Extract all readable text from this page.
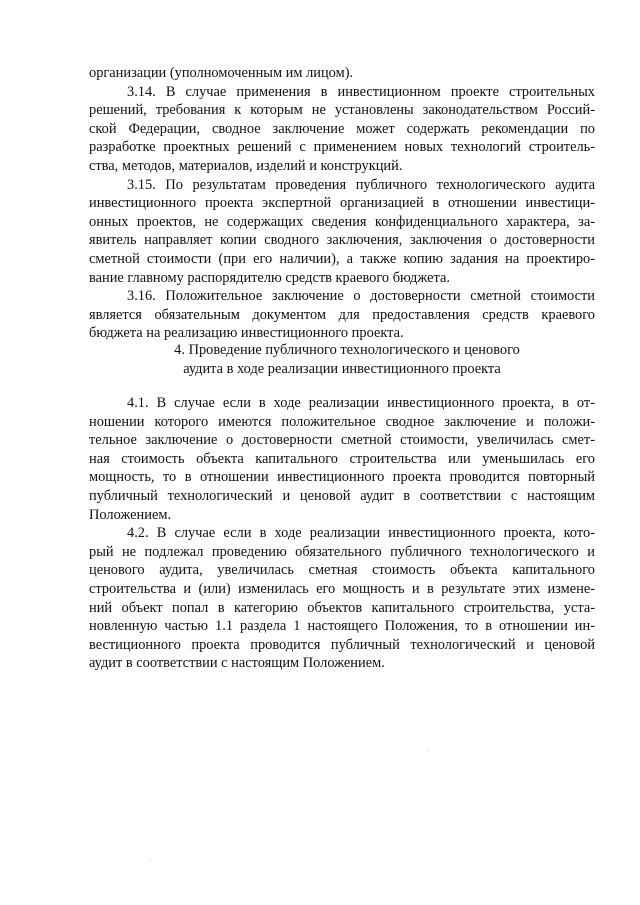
организации (уполномоченным им лицом).
3.14. В случае применения в инвестиционном проекте строительных
решений, требования к которым не установлены законодательством Россий-
ской Федерации, сводное заключение может содержать рекомендации по
разработке проектных решений с применением новых технологий строитель-
ства, методов, материалов, изделий и конструкций.
3.15. По результатам проведения публичного технологического аудита
инвестиционного проекта экспертной организацией в отношении инвестици-
онных проектов, не содержащих сведения конфиденциального характера, за-
явитель направляет копии сводного заключения, заключения о достоверности
сметной стоимости (при его наличии), а также копию задания на проектиро-
вание главному распорядителю средств краевого бюджета.
3.16. Положительное заключение о достоверности сметной стоимости
является обязательным документом для предоставления средств краевого
бюджета на реализацию инвестиционного проекта.
4. Проведение публичного технологического и ценового
аудита в ходе реализации инвестиционного проекта
4.1. В случае если в ходе реализации инвестиционного проекта, в от-
ношении которого имеются положительное сводное заключение и положи-
тельное заключение о достоверности сметной стоимости, увеличилась смет-
ная стоимость объекта капитального строительства или уменьшилась его
мощность, то в отношении инвестиционного проекта проводится повторный
публичный технологический и ценовой аудит в соответствии с настоящим
Положением.
4.2. В случае если в ходе реализации инвестиционного проекта, кото-
рый не подлежал проведению обязательного публичного технологического и
ценового аудита, увеличилась сметная стоимость объекта капитального
строительства и (или) изменилась его мощность и в результате этих измене-
ний объект попал в категорию объектов капитального строительства, уста-
новленную частью 1.1 раздела 1 настоящего Положения, то в отношении ин-
вестиционного проекта проводится публичный технологический и ценовой
аудит в соответствии с настоящим Положением.
